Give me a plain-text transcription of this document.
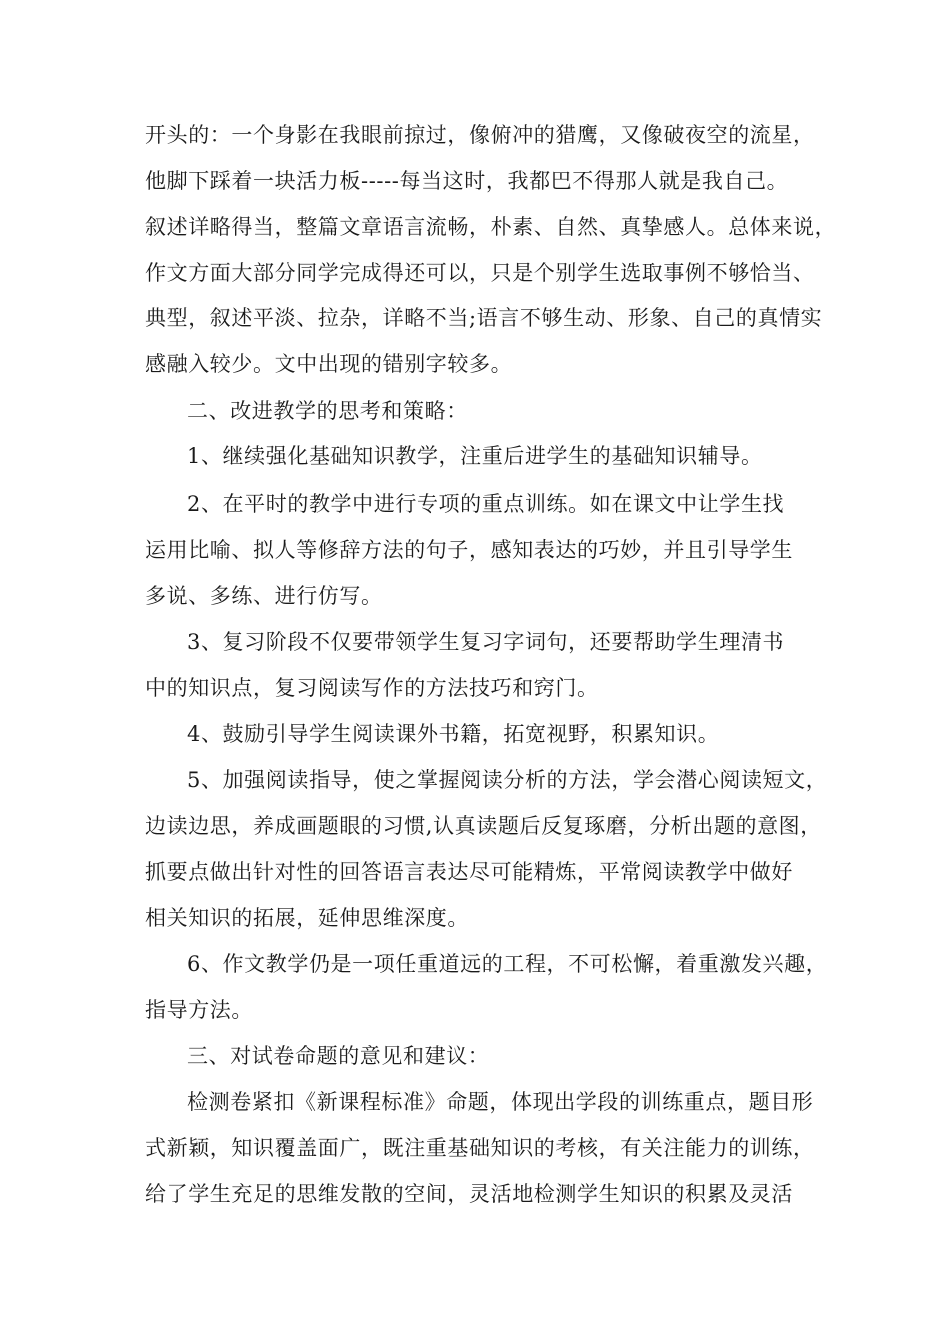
开头的：一个身影在我眼前掠过，像俯冲的猎鹰，又像破夜空的流星，
他脚下踩着一块活力板-----每当这时，我都巴不得那人就是我自己。
叙述详略得当，整篇文章语言流畅，朴素、自然、真挚感人。总体来说，
作文方面大部分同学完成得还可以，只是个别学生选取事例不够恰当、
典型，叙述平淡、拉杂，详略不当;语言不够生动、形象、自己的真情实
感融入较少。文中出现的错别字较多。
二、改进教学的思考和策略：
1、继续强化基础知识教学，注重后进学生的基础知识辅导。
2、在平时的教学中进行专项的重点训练。如在课文中让学生找
运用比喻、拟人等修辞方法的句子，感知表达的巧妙，并且引导学生
多说、多练、进行仿写。
3、复习阶段不仅要带领学生复习字词句，还要帮助学生理清书
中的知识点，复习阅读写作的方法技巧和窍门。
4、鼓励引导学生阅读课外书籍，拓宽视野，积累知识。
5、加强阅读指导，使之掌握阅读分析的方法，学会潜心阅读短文，
边读边思，养成画题眼的习惯,认真读题后反复琢磨，分析出题的意图，
抓要点做出针对性的回答语言表达尽可能精炼，平常阅读教学中做好
相关知识的拓展，延伸思维深度。
6、作文教学仍是一项任重道远的工程，不可松懈，着重激发兴趣，
指导方法。
三、对试卷命题的意见和建议：
检测卷紧扣《新课程标准》命题，体现出学段的训练重点，题目形
式新颖，知识覆盖面广，既注重基础知识的考核，有关注能力的训练，
给了学生充足的思维发散的空间，灵活地检测学生知识的积累及灵活
